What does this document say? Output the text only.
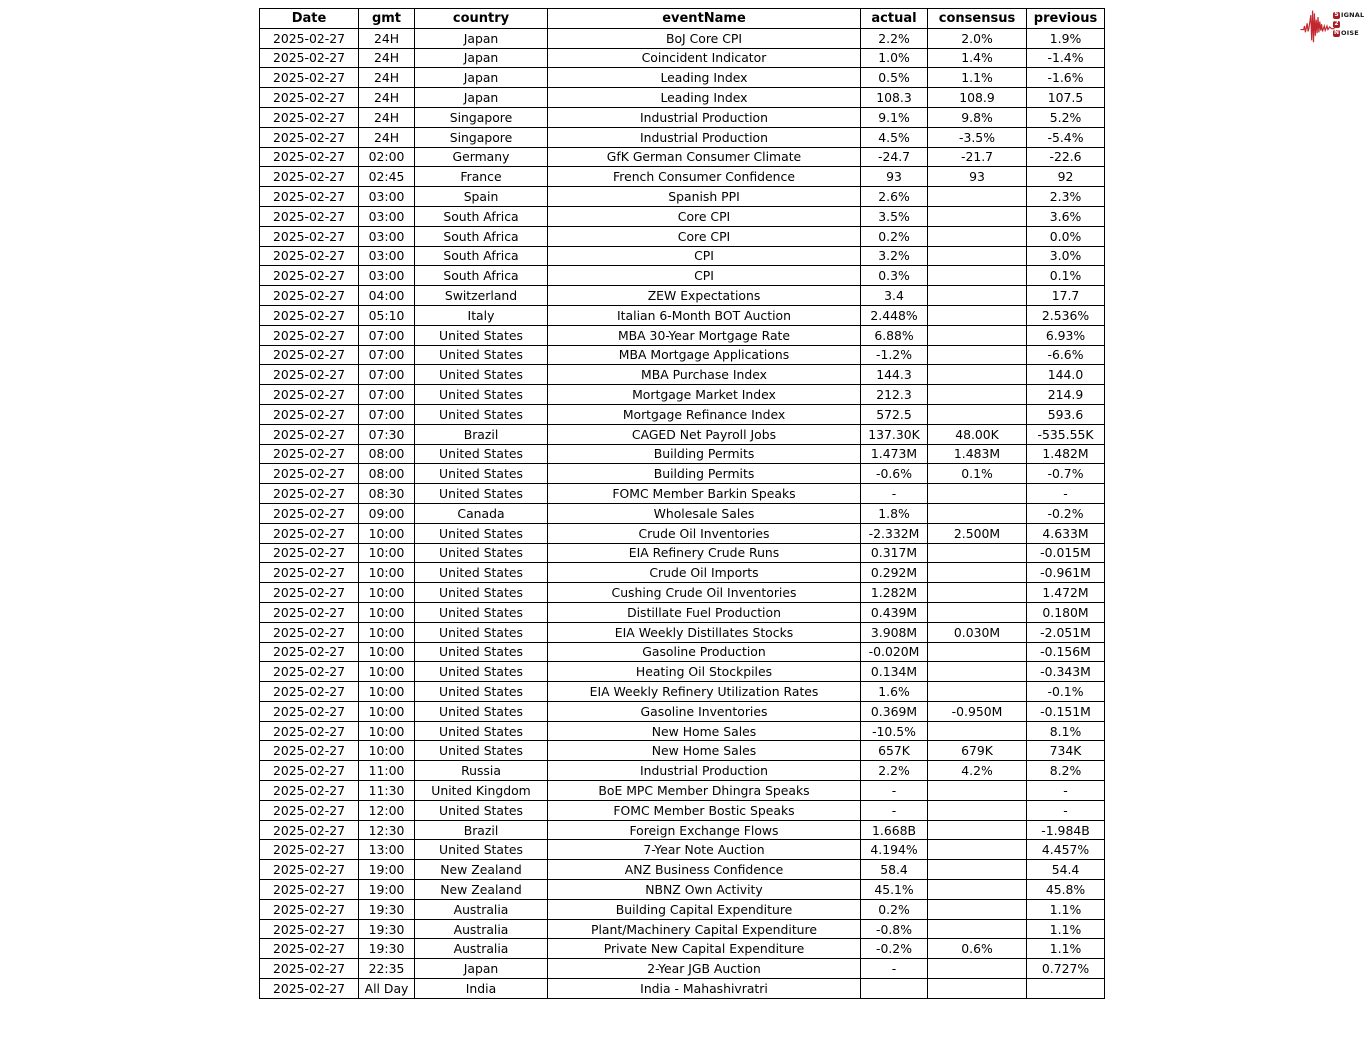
Date	gmt	country	eventName	actual	consensus	previous
2025-02-27	24H	Japan	BoJ Core CPI	2.2%	2.0%	1.9%
2025-02-27	24H	Japan	Coincident Indicator	1.0%	1.4%	-1.4%
2025-02-27	24H	Japan	Leading Index	0.5%	1.1%	-1.6%
2025-02-27	24H	Japan	Leading Index	108.3	108.9	107.5
2025-02-27	24H	Singapore	Industrial Production	9.1%	9.8%	5.2%
2025-02-27	24H	Singapore	Industrial Production	4.5%	-3.5%	-5.4%
2025-02-27	02:00	Germany	GfK German Consumer Climate	-24.7	-21.7	-22.6
2025-02-27	02:45	France	French Consumer Confidence	93	93	92
2025-02-27	03:00	Spain	Spanish PPI	2.6%		2.3%
2025-02-27	03:00	South Africa	Core CPI	3.5%		3.6%
2025-02-27	03:00	South Africa	Core CPI	0.2%		0.0%
2025-02-27	03:00	South Africa	CPI	3.2%		3.0%
2025-02-27	03:00	South Africa	CPI	0.3%		0.1%
2025-02-27	04:00	Switzerland	ZEW Expectations	3.4		17.7
2025-02-27	05:10	Italy	Italian 6-Month BOT Auction	2.448%		2.536%
2025-02-27	07:00	United States	MBA 30-Year Mortgage Rate	6.88%		6.93%
2025-02-27	07:00	United States	MBA Mortgage Applications	-1.2%		-6.6%
2025-02-27	07:00	United States	MBA Purchase Index	144.3		144.0
2025-02-27	07:00	United States	Mortgage Market Index	212.3		214.9
2025-02-27	07:00	United States	Mortgage Refinance Index	572.5		593.6
2025-02-27	07:30	Brazil	CAGED Net Payroll Jobs	137.30K	48.00K	-535.55K
2025-02-27	08:00	United States	Building Permits	1.473M	1.483M	1.482M
2025-02-27	08:00	United States	Building Permits	-0.6%	0.1%	-0.7%
2025-02-27	08:30	United States	FOMC Member Barkin Speaks	-		-
2025-02-27	09:00	Canada	Wholesale Sales	1.8%		-0.2%
2025-02-27	10:00	United States	Crude Oil Inventories	-2.332M	2.500M	4.633M
2025-02-27	10:00	United States	EIA Refinery Crude Runs	0.317M		-0.015M
2025-02-27	10:00	United States	Crude Oil Imports	0.292M		-0.961M
2025-02-27	10:00	United States	Cushing Crude Oil Inventories	1.282M		1.472M
2025-02-27	10:00	United States	Distillate Fuel Production	0.439M		0.180M
2025-02-27	10:00	United States	EIA Weekly Distillates Stocks	3.908M	0.030M	-2.051M
2025-02-27	10:00	United States	Gasoline Production	-0.020M		-0.156M
2025-02-27	10:00	United States	Heating Oil Stockpiles	0.134M		-0.343M
2025-02-27	10:00	United States	EIA Weekly Refinery Utilization Rates	1.6%		-0.1%
2025-02-27	10:00	United States	Gasoline Inventories	0.369M	-0.950M	-0.151M
2025-02-27	10:00	United States	New Home Sales	-10.5%		8.1%
2025-02-27	10:00	United States	New Home Sales	657K	679K	734K
2025-02-27	11:00	Russia	Industrial Production	2.2%	4.2%	8.2%
2025-02-27	11:30	United Kingdom	BoE MPC Member Dhingra Speaks	-		-
2025-02-27	12:00	United States	FOMC Member Bostic Speaks	-		-
2025-02-27	12:30	Brazil	Foreign Exchange Flows	1.668B		-1.984B
2025-02-27	13:00	United States	7-Year Note Auction	4.194%		4.457%
2025-02-27	19:00	New Zealand	ANZ Business Confidence	58.4		54.4
2025-02-27	19:00	New Zealand	NBNZ Own Activity	45.1%		45.8%
2025-02-27	19:30	Australia	Building Capital Expenditure	0.2%		1.1%
2025-02-27	19:30	Australia	Plant/Machinery Capital Expenditure	-0.8%		1.1%
2025-02-27	19:30	Australia	Private New Capital Expenditure	-0.2%	0.6%	1.1%
2025-02-27	22:35	Japan	2-Year JGB Auction	-		0.727%
2025-02-27	All Day	India	India - Mahashivratri			
S IGNAL
2
N OISE
